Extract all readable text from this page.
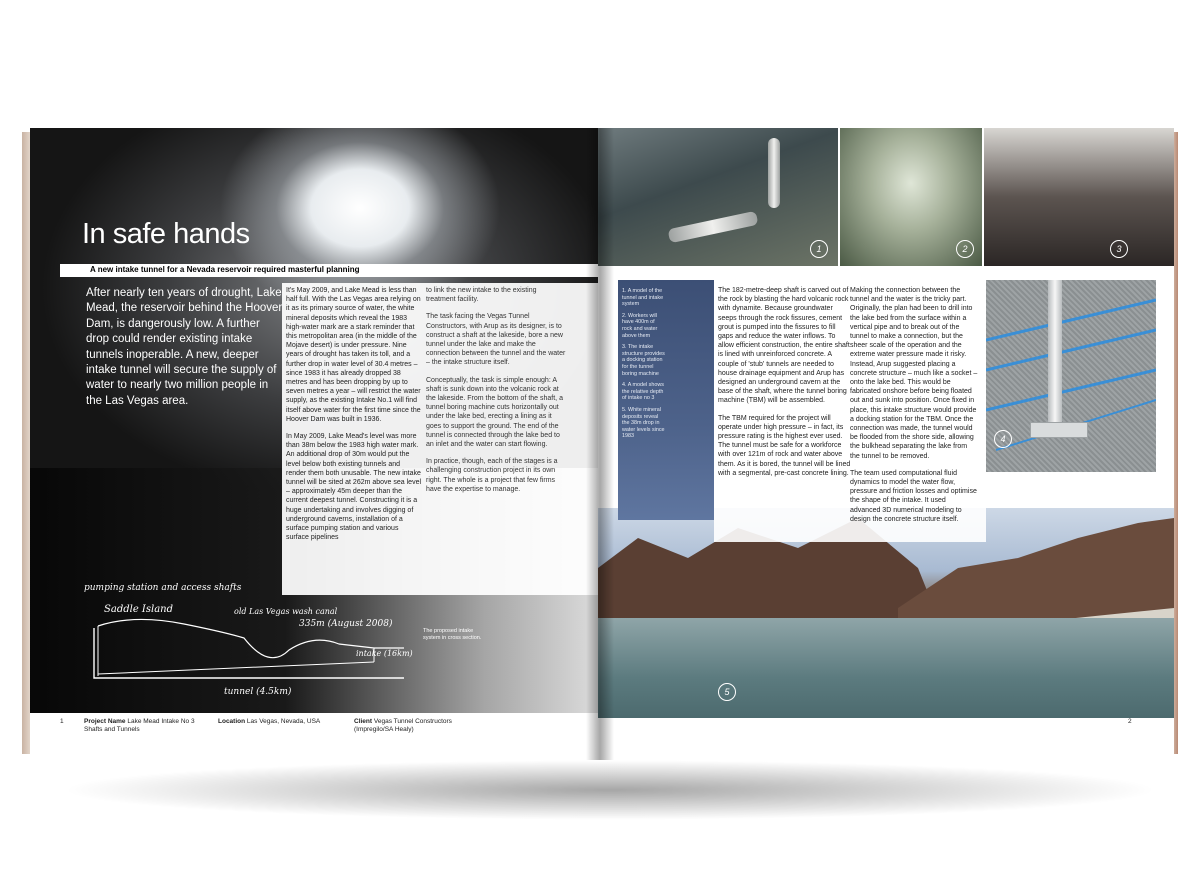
In safe hands
A new intake tunnel for a Nevada reservoir required masterful planning
After nearly ten years of drought, Lake Mead, the reservoir behind the Hoover Dam, is dangerously low. A further drop could render existing intake tunnels inoperable. A new, deeper intake tunnel will secure the supply of water to nearly two million people in the Las Vegas area.

It's May 2009, and Lake Mead is less than half full. With the Las Vegas area relying on it as its primary source of water, the white mineral deposits which reveal the 1983 high-water mark are a stark reminder that this metropolitan area (in the middle of the Mojave desert) is under pressure. Nine years of drought has taken its toll, and a further drop in water level of 30.4 metres – since 1983 it has already dropped 38 metres and has been dropping by up to seven metres a year – will restrict the water supply, as the existing Intake No.1 will find itself above water for the first time since the Hoover Dam was built in 1936.

In May 2009, Lake Mead's level was more than 38m below the 1983 high water mark. An additional drop of 30m would put the level below both existing tunnels and render them both unusable. The new intake tunnel will be sited at 262m above sea level – approximately 45m deeper than the current deepest tunnel. Constructing it is a huge undertaking and involves digging of underground caverns, installation of a surface pumping station and various surface pipelines

to link the new intake to the existing treatment facility.

The task facing the Vegas Tunnel Constructors, with Arup as its designer, is to construct a shaft at the lakeside, bore a new tunnel under the lake and make the connection between the tunnel and the water – the intake structure itself.

Conceptually, the task is simple enough: A shaft is sunk down into the volcanic rock at the lakeside. From the bottom of the shaft, a tunnel boring machine cuts horizontally out under the lake bed, erecting a lining as it goes to support the ground. The end of the tunnel is connected through the lake bed to an inlet and the water can start flowing.

In practice, though, each of the stages is a challenging construction project in its own right. The whole is a project that few firms have the expertise to manage.

pumping station and access shafts
Saddle Island	old Las Vegas wash canal
335m (August 2008)
intake (16km)
tunnel (4.5km)
The proposed intake system in cross section.
1	Project Name Lake Mead Intake No 3 Shafts and Tunnels
Location Las Vegas, Nevada, USA	Client Vegas Tunnel Constructors (Impregilo/SA Healy)
1	2	3
5

1. A model of the tunnel and intake system

2. Workers will have 400m of rock and water above them

3. The intake structure provides a docking station for the tunnel boring machine

4. A model shows the relative depth of intake no 3

5. White mineral deposits reveal the 38m drop in water levels since 1983

The 182-metre-deep shaft is carved out of the rock by blasting the hard volcanic rock with dynamite. Because groundwater seeps through the rock fissures, cement grout is pumped into the fissures to fill gaps and reduce the water inflows. To allow efficient construction, the entire shaft is lined with unreinforced concrete. A couple of 'stub' tunnels are needed to house drainage equipment and Arup has designed an underground cavern at the base of the shaft, where the tunnel boring machine (TBM) will be assembled.

The TBM required for the project will operate under high pressure – in fact, its pressure rating is the highest ever used. The tunnel must be safe for a workforce with over 121m of rock and water above them. As it is bored, the tunnel will be lined with a segmental, pre-cast concrete lining.

Making the connection between the tunnel and the water is the tricky part. Originally, the plan had been to drill into the lake bed from the surface within a vertical pipe and to break out of the tunnel to make a connection, but the sheer scale of the operation and the extreme water pressure made it risky. Instead, Arup suggested placing a concrete structure – much like a socket – onto the lake bed. This would be fabricated onshore before being floated out and sunk into position. Once fixed in place, this intake structure would provide a docking station for the TBM. Once the connection was made, the tunnel would be flooded from the shore side, allowing the bulkhead separating the lake from the tunnel to be removed.

The team used computational fluid dynamics to model the water flow, pressure and friction losses and optimise the shape of the intake. It used advanced 3D numerical modeling to design the concrete structure itself.

4
2
